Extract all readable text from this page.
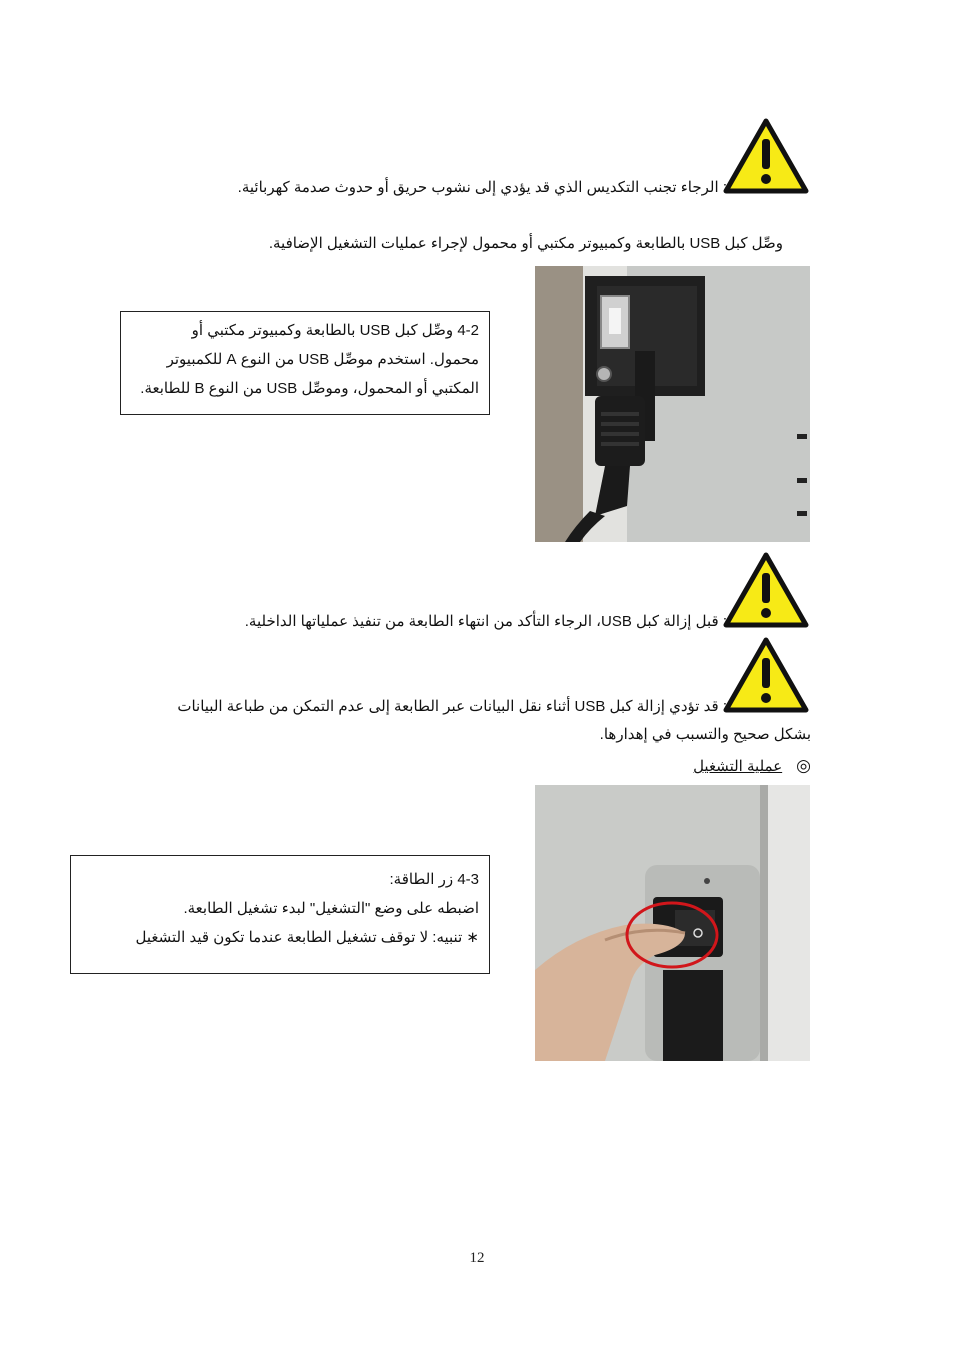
: الرجاء تجنب التكديس الذي قد يؤدي إلى نشوب حريق أو حدوث صدمة كهربائية.
وصِّل كبل USB بالطابعة وكمبيوتر مكتبي أو محمول لإجراء عمليات التشغيل الإضافية.
4-2 وصِّل كبل USB بالطابعة وكمبيوتر مكتبي أو
محمول. استخدم موصِّل USB من النوع A للكمبيوتر
المكتبي أو المحمول، وموصِّل USB من النوع B للطابعة.
: قبل إزالة كبل USB، الرجاء التأكد من انتهاء الطابعة من تنفيذ عملياتها الداخلية.
: قد تؤدي إزالة كبل USB أثناء نقل البيانات عبر الطابعة إلى عدم التمكن من طباعة البيانات
بشكل صحيح والتسبب في إهدارها.
◎عملية التشغيل
4-3 زر الطاقة:
اضبطه على وضع "التشغيل" لبدء تشغيل الطابعة.
∗ تنبيه: لا توقف تشغيل الطابعة عندما تكون قيد التشغيل
12
